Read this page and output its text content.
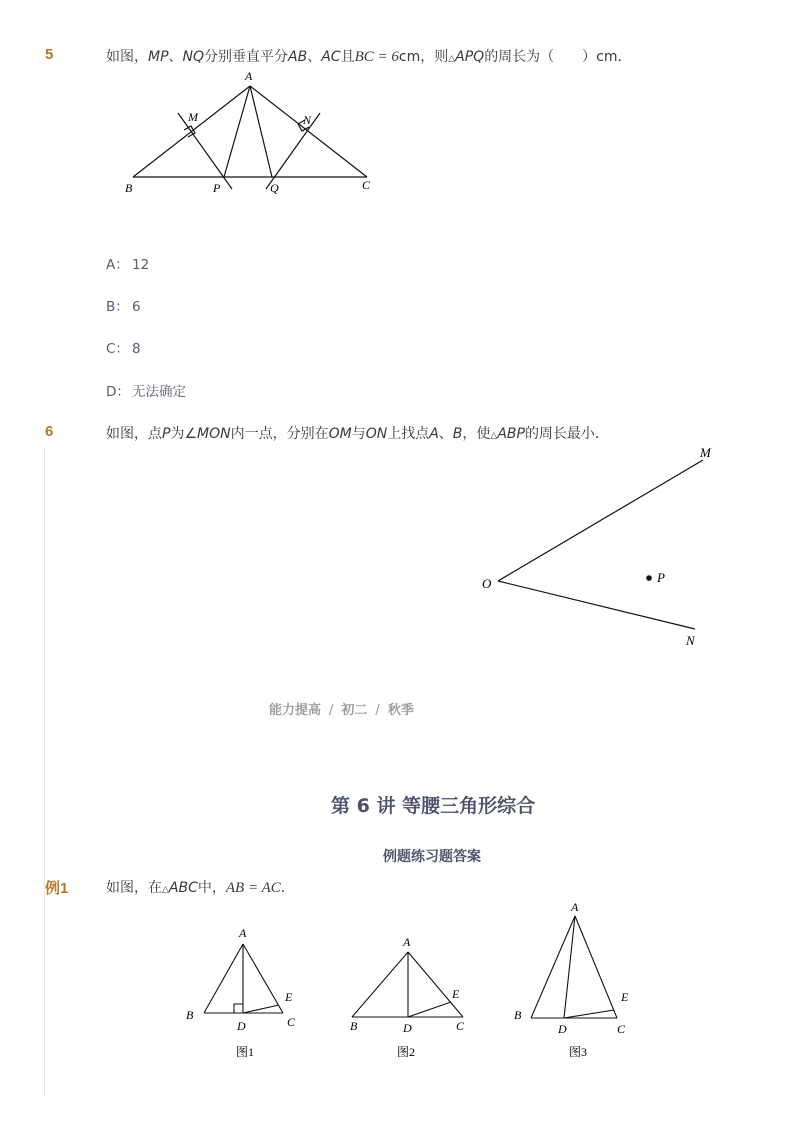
5	如图，MP、NQ分别垂直平分AB、AC且BC = 6cm，则△APQ的周长为（　　）cm．
A
M	N
B	P	Q	C
A： 12
B： 6
C： 8
D： 无法确定
6	如图，点P为∠MON内一点，分别在OM与ON上找点A、B，使△ABP的周长最小．
O
M
N
P
能力提高 / 初二 / 秋季
第 6 讲 等腰三角形综合
例题练习题答案
例1	如图，在△ABC中，AB = AC．
A
B
D
E
C
图1
A
B	D
E
C
图2
A
B
D
E
C
图3
